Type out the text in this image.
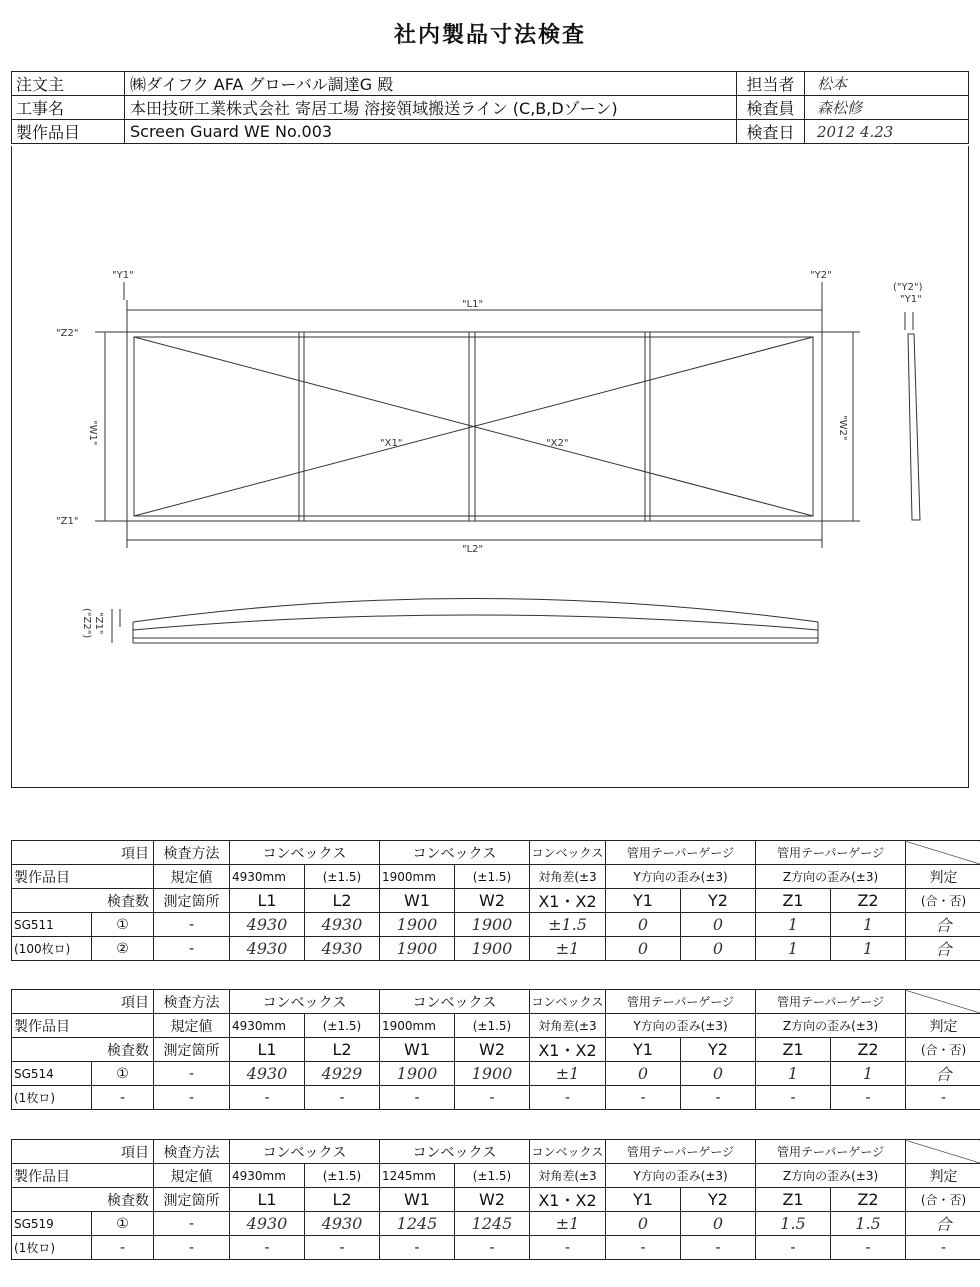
社内製品寸法検査
注文主	㈱ダイフク AFA グローバル調達G 殿	担当者	松本
工事名	本田技研工業株式会社 寄居工場 溶接領域搬送ライン (C,B,Dゾーン)	検査員	森松修
製作品目	Screen Guard WE No.003	検査日	2012 4.23
"Y1"	"Y2"
"L1"
"L2"
"Z2"
"Z1"
"W1"	"W2"
"X1"	"X2"
("Y2")
"Y1"
("Z2") "Z1"
項目		検査方法	コンベックス		コンベックス		コンベックス	管用テーパーゲージ		管用テーパーゲージ		
製作品目		規定値	4930mm	(±1.5)	1900mm	(±1.5)	対角差(±3	Y方向の歪み(±3)		Z方向の歪み(±3)		判定
検査数		測定箇所	L1	L2	W1	W2	X1・X2	Y1	Y2	Z1	Z2	(合・否)
SG511	①	-	4930	4930	1900	1900	±1.5	0	0	1	1	合
(100枚ロ)	②	-	4930	4930	1900	1900	±1	0	0	1	1	合
項目		検査方法	コンベックス		コンベックス		コンベックス	管用テーパーゲージ		管用テーパーゲージ		
製作品目		規定値	4930mm	(±1.5)	1900mm	(±1.5)	対角差(±3	Y方向の歪み(±3)		Z方向の歪み(±3)		判定
検査数		測定箇所	L1	L2	W1	W2	X1・X2	Y1	Y2	Z1	Z2	(合・否)
SG514	①	-	4930	4929	1900	1900	±1	0	0	1	1	合
(1枚ロ)	-	-	-	-	-	-	-	-	-	-	-	-
項目		検査方法	コンベックス		コンベックス		コンベックス	管用テーパーゲージ		管用テーパーゲージ		
製作品目		規定値	4930mm	(±1.5)	1245mm	(±1.5)	対角差(±3	Y方向の歪み(±3)		Z方向の歪み(±3)		判定
検査数		測定箇所	L1	L2	W1	W2	X1・X2	Y1	Y2	Z1	Z2	(合・否)
SG519	①	-	4930	4930	1245	1245	±1	0	0	1.5	1.5	合
(1枚ロ)	-	-	-	-	-	-	-	-	-	-	-	-
